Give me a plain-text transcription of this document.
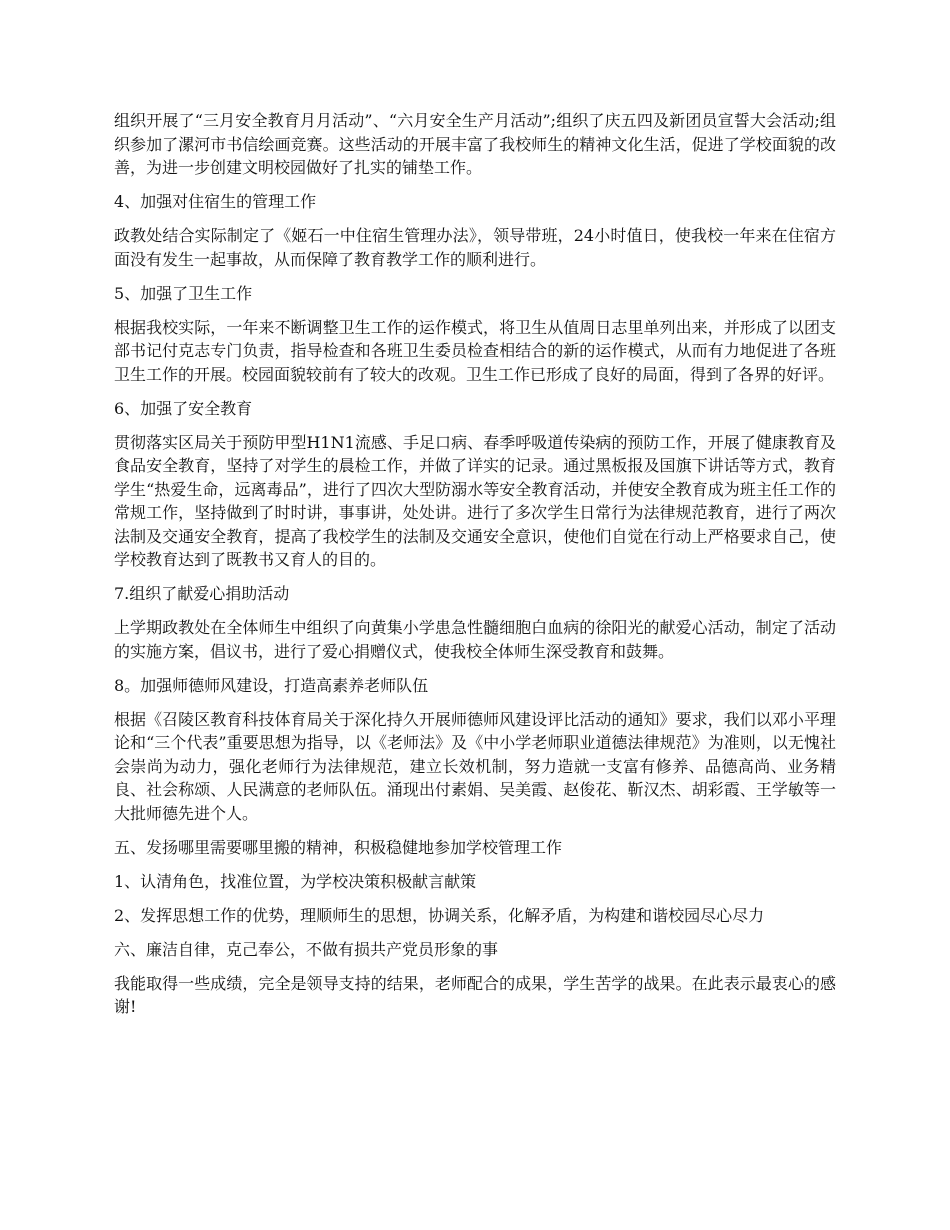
组织开展了“三月安全教育月月活动”、“六月安全生产月活动”;组织了庆五四及新团员宣誓大会活动;组织参加了漯河市书信绘画竞赛。这些活动的开展丰富了我校师生的精神文化生活，促进了学校面貌的改善，为进一步创建文明校园做好了扎实的铺垫工作。

4、加强对住宿生的管理工作

政教处结合实际制定了《姬石一中住宿生管理办法》，领导带班，24小时值日，使我校一年来在住宿方面没有发生一起事故，从而保障了教育教学工作的顺利进行。

5、加强了卫生工作

根据我校实际，一年来不断调整卫生工作的运作模式，将卫生从值周日志里单列出来，并形成了以团支部书记付克志专门负责，指导检查和各班卫生委员检查相结合的新的运作模式，从而有力地促进了各班卫生工作的开展。校园面貌较前有了较大的改观。卫生工作已形成了良好的局面，得到了各界的好评。

6、加强了安全教育

贯彻落实区局关于预防甲型H1N1流感、手足口病、春季呼吸道传染病的预防工作，开展了健康教育及食品安全教育，坚持了对学生的晨检工作，并做了详实的记录。通过黑板报及国旗下讲话等方式，教育学生“热爱生命，远离毒品”，进行了四次大型防溺水等安全教育活动，并使安全教育成为班主任工作的常规工作，坚持做到了时时讲，事事讲，处处讲。进行了多次学生日常行为法律规范教育，进行了两次法制及交通安全教育，提高了我校学生的法制及交通安全意识，使他们自觉在行动上严格要求自己，使学校教育达到了既教书又育人的目的。

7.组织了献爱心捐助活动

上学期政教处在全体师生中组织了向黄集小学患急性髓细胞白血病的徐阳光的献爱心活动，制定了活动的实施方案，倡议书，进行了爱心捐赠仪式，使我校全体师生深受教育和鼓舞。

8。加强师德师风建设，打造高素养老师队伍

根据《召陵区教育科技体育局关于深化持久开展师德师风建设评比活动的通知》要求，我们以邓小平理论和“三个代表”重要思想为指导，以《老师法》及《中小学老师职业道德法律规范》为准则，以无愧社会崇尚为动力，强化老师行为法律规范，建立长效机制，努力造就一支富有修养、品德高尚、业务精良、社会称颂、人民满意的老师队伍。涌现出付素娟、吴美霞、赵俊花、靳汉杰、胡彩霞、王学敏等一大批师德先进个人。

五、发扬哪里需要哪里搬的精神，积极稳健地参加学校管理工作

1、认清角色，找准位置，为学校决策积极献言献策

2、发挥思想工作的优势，理顺师生的思想，协调关系，化解矛盾，为构建和谐校园尽心尽力

六、廉洁自律，克己奉公，不做有损共产党员形象的事

我能取得一些成绩，完全是领导支持的结果，老师配合的成果，学生苦学的战果。在此表示最衷心的感谢!
